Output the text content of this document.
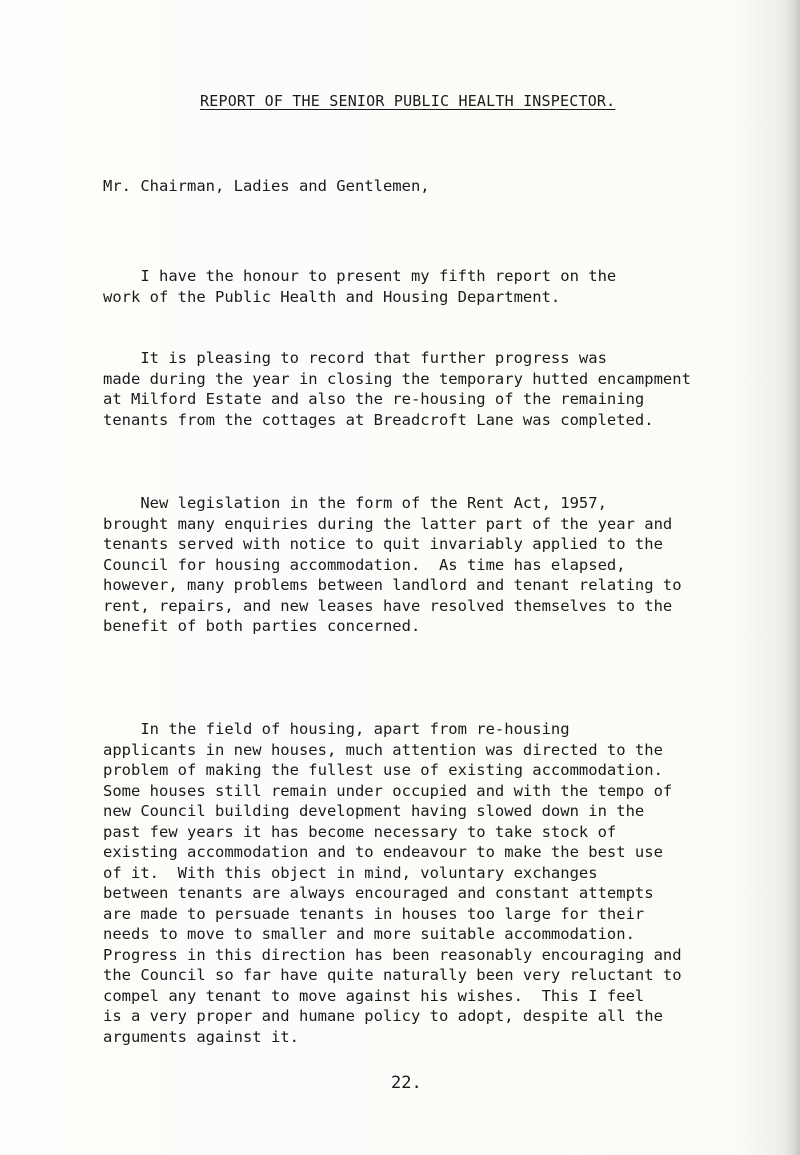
REPORT OF THE SENIOR PUBLIC HEALTH INSPECTOR.
Mr. Chairman, Ladies and Gentlemen,

I have the honour to present my fifth report on the
work of the Public Health and Housing Department.

It is pleasing to record that further progress was
made during the year in closing the temporary hutted encampment
at Milford Estate and also the re-housing of the remaining
tenants from the cottages at Breadcroft Lane was completed.

New legislation in the form of the Rent Act, 1957,
brought many enquiries during the latter part of the year and
tenants served with notice to quit invariably applied to the
Council for housing accommodation.  As time has elapsed,
however, many problems between landlord and tenant relating to
rent, repairs, and new leases have resolved themselves to the
benefit of both parties concerned.

In the field of housing, apart from re-housing
applicants in new houses, much attention was directed to the
problem of making the fullest use of existing accommodation.
Some houses still remain under occupied and with the tempo of
new Council building development having slowed down in the
past few years it has become necessary to take stock of
existing accommodation and to endeavour to make the best use
of it.  With this object in mind, voluntary exchanges
between tenants are always encouraged and constant attempts
are made to persuade tenants in houses too large for their
needs to move to smaller and more suitable accommodation.
Progress in this direction has been reasonably encouraging and
the Council so far have quite naturally been very reluctant to
compel any tenant to move against his wishes.  This I feel
is a very proper and humane policy to adopt, despite all the
arguments against it.

22.
